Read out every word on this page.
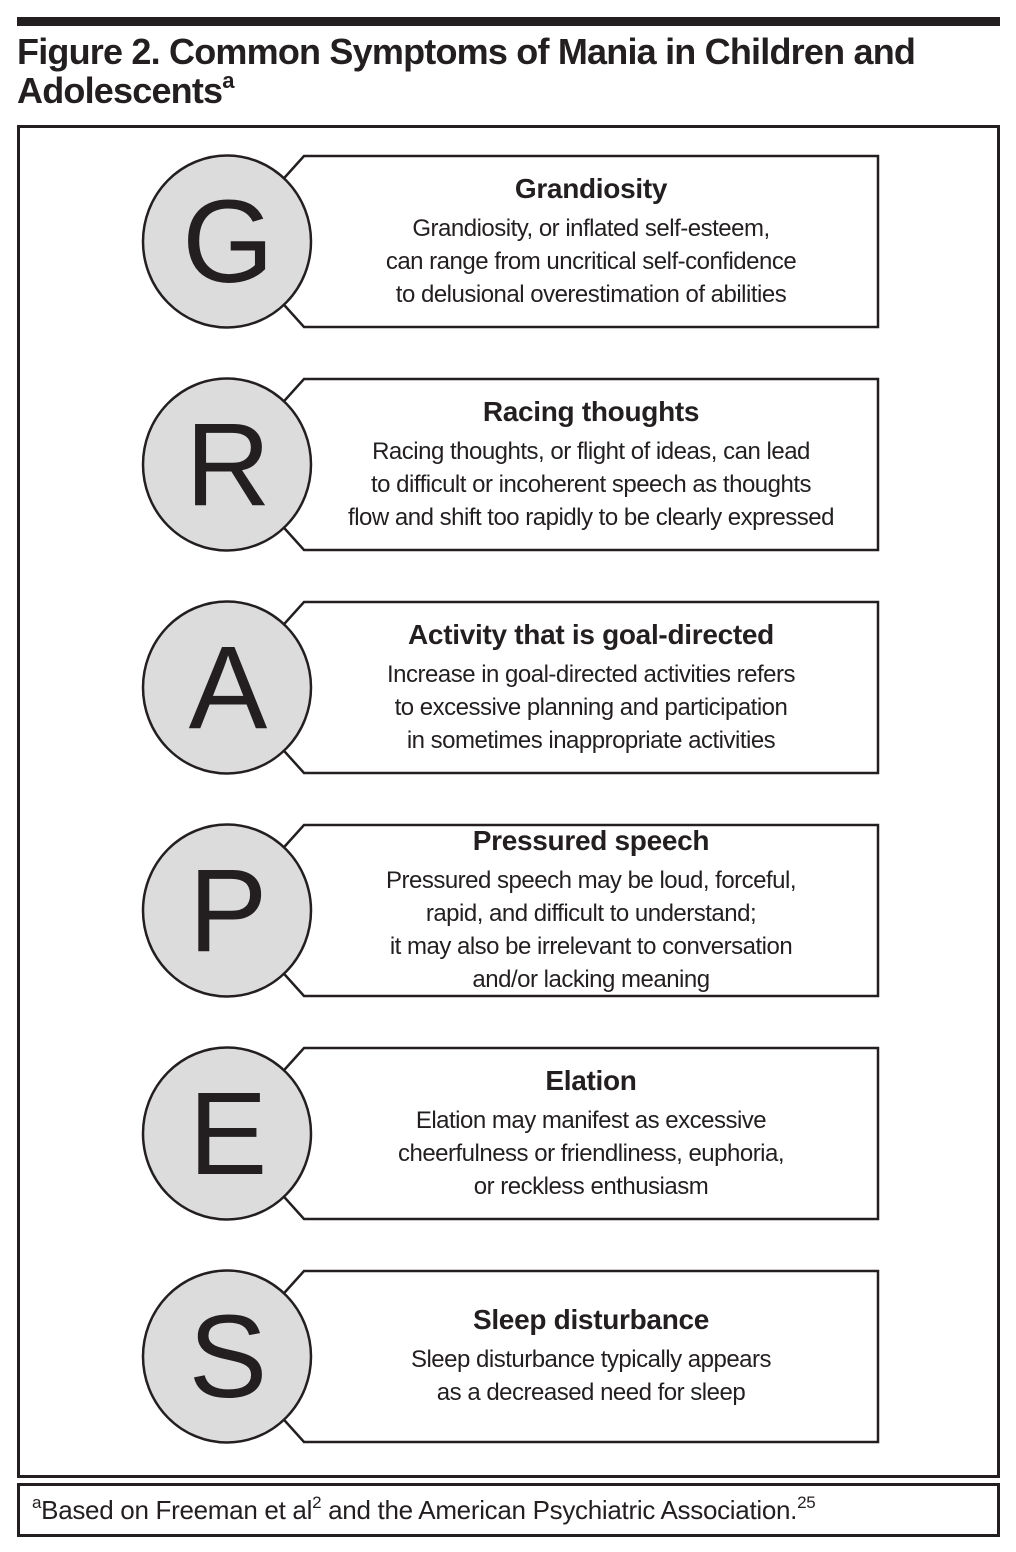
Figure 2. Common Symptoms of Mania in Children and
Adolescents$^a$
G	Grandiosity
Grandiosity, or inflated self-esteem,
can range from uncritical self-confidence
to delusional overestimation of abilities
R	Racing thoughts
Racing thoughts, or flight of ideas, can lead
to difficult or incoherent speech as thoughts
flow and shift too rapidly to be clearly expressed
A	Activity that is goal-directed
Increase in goal-directed activities refers
to excessive planning and participation
in sometimes inappropriate activities
P
Pressured speech
Pressured speech may be loud, forceful,
rapid, and difficult to understand;
it may also be irrelevant to conversation
and/or lacking meaning
E	Elation
Elation may manifest as excessive
cheerfulness or friendliness, euphoria,
or reckless enthusiasm
S	Sleep disturbance
Sleep disturbance typically appears
as a decreased need for sleep
$^a$Based on Freeman et $al^2$ and the American Psychiatric Association.$^{25}$
